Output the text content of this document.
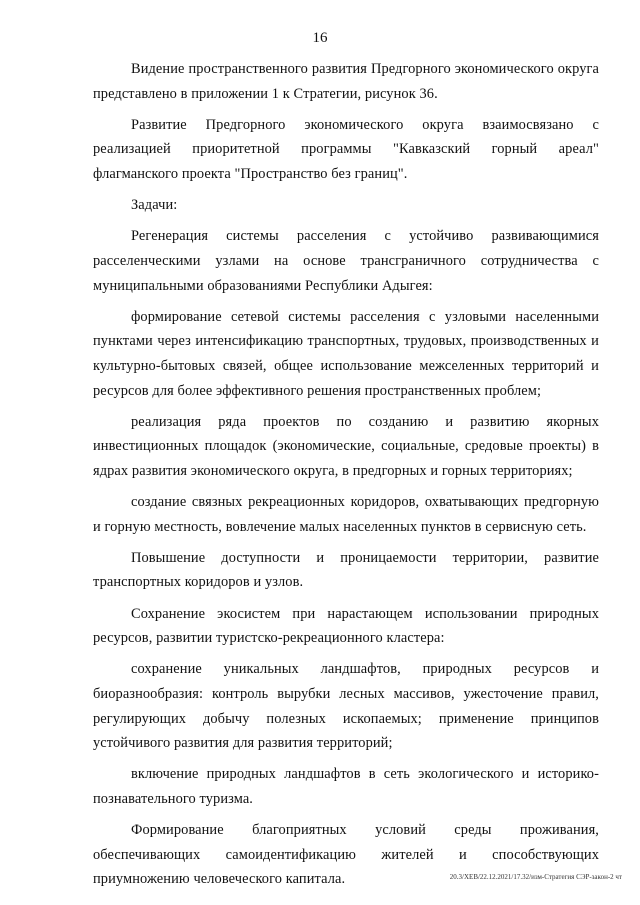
16

Видение пространственного развития Предгорного экономического округа представлено в приложении 1 к Стратегии, рисунок 36.

Развитие Предгорного экономического округа взаимосвязано с реализацией приоритетной программы "Кавказский горный ареал" флагманского проекта "Пространство без границ".

Задачи:

Регенерация системы расселения с устойчиво развивающимися расселенческими узлами на основе трансграничного сотрудничества с муниципальными образованиями Республики Адыгея:

формирование сетевой системы расселения с узловыми населенными пунктами через интенсификацию транспортных, трудовых, производственных и культурно-бытовых связей, общее использование межселенных территорий и ресурсов для более эффективного решения пространственных проблем;

реализация ряда проектов по созданию и развитию якорных инвестиционных площадок (экономические, социальные, средовые проекты) в ядрах развития экономического округа, в предгорных и горных территориях;

создание связных рекреационных коридоров, охватывающих предгорную и горную местность, вовлечение малых населенных пунктов в сервисную сеть.

Повышение доступности и проницаемости территории, развитие транспортных коридоров и узлов.

Сохранение экосистем при нарастающем использовании природных ресурсов, развитии туристско-рекреационного кластера:

сохранение уникальных ландшафтов, природных ресурсов и биоразнообразия: контроль вырубки лесных массивов, ужесточение правил, регулирующих добычу полезных ископаемых; применение принципов устойчивого развития для развития территорий;

включение природных ландшафтов в сеть экологического и историко-познавательного туризма.

Формирование благоприятных условий среды проживания, обеспечивающих самоидентификацию жителей и способствующих приумножению человеческого капитала.	20.3/XEB/22.12.2021/17.32/изм-Стратегия СЭР-закон-2 чт
